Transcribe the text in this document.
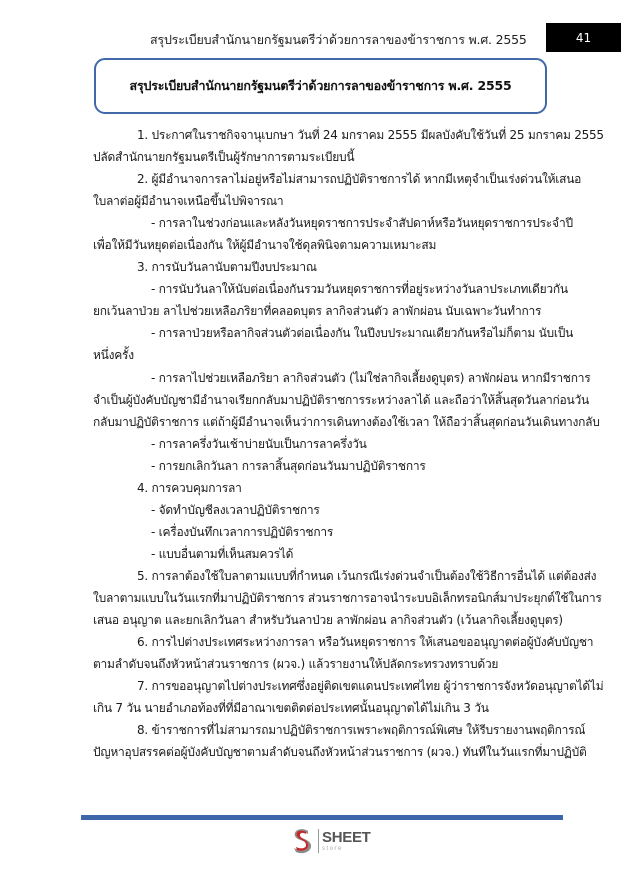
สรุประเบียบสำนักนายกรัฐมนตรีว่าด้วยการลาของข้าราชการ พ.ศ. 2555	41
สรุประเบียบสำนักนายกรัฐมนตรีว่าด้วยการลาของข้าราชการ พ.ศ. 2555
1. ประกาศในราชกิจจานุเบกษา วันที่ 24 มกราคม 2555 มีผลบังคับใช้วันที่ 25 มกราคม 2555
ปลัดสำนักนายกรัฐมนตรีเป็นผู้รักษาการตามระเบียบนี้
2. ผู้มีอำนาจการลาไม่อยู่หรือไม่สามารถปฏิบัติราชการได้ หากมีเหตุจำเป็นเร่งด่วนให้เสนอ
ใบลาต่อผู้มีอำนาจเหนือขึ้นไปพิจารณา
- การลาในช่วงก่อนและหลังวันหยุดราชการประจำสัปดาห์หรือวันหยุดราชการประจำปี
เพื่อให้มีวันหยุดต่อเนื่องกัน ให้ผู้มีอำนาจใช้ดุลพินิจตามความเหมาะสม
3. การนับวันลานับตามปีงบประมาณ
- การนับวันลาให้นับต่อเนื่องกันรวมวันหยุดราชการที่อยู่ระหว่างวันลาประเภทเดียวกัน
ยกเว้นลาป่วย ลาไปช่วยเหลือภริยาที่คลอดบุตร ลากิจส่วนตัว ลาพักผ่อน นับเฉพาะวันทำการ
- การลาป่วยหรือลากิจส่วนตัวต่อเนื่องกัน ในปีงบประมาณเดียวกันหรือไม่ก็ตาม นับเป็น
หนึ่งครั้ง
- การลาไปช่วยเหลือภริยา ลากิจส่วนตัว (ไม่ใช่ลากิจเลี้ยงดูบุตร) ลาพักผ่อน หากมีราชการ
จำเป็นผู้บังคับบัญชามีอำนาจเรียกกลับมาปฏิบัติราชการระหว่างลาได้ และถือว่าให้สิ้นสุดวันลาก่อนวัน
กลับมาปฏิบัติราชการ แต่ถ้าผู้มีอำนาจเห็นว่าการเดินทางต้องใช้เวลา ให้ถือว่าสิ้นสุดก่อนวันเดินทางกลับ
- การลาครึ่งวันเช้าบ่ายนับเป็นการลาครึ่งวัน
- การยกเลิกวันลา การลาสิ้นสุดก่อนวันมาปฏิบัติราชการ
4. การควบคุมการลา
- จัดทำบัญชีลงเวลาปฏิบัติราชการ
- เครื่องบันทึกเวลาการปฏิบัติราชการ
- แบบอื่นตามที่เห็นสมควรได้
5. การลาต้องใช้ใบลาตามแบบที่กำหนด เว้นกรณีเร่งด่วนจำเป็นต้องใช้วิธีการอื่นได้ แต่ต้องส่ง
ใบลาตามแบบในวันแรกที่มาปฏิบัติราชการ ส่วนราชการอาจนำระบบอิเล็กทรอนิกส์มาประยุกต์ใช้ในการ
เสนอ อนุญาต และยกเลิกวันลา สำหรับวันลาป่วย ลาพักผ่อน ลากิจส่วนตัว (เว้นลากิจเลี้ยงดูบุตร)
6. การไปต่างประเทศระหว่างการลา หรือวันหยุดราชการ ให้เสนอขออนุญาตต่อผู้บังคับบัญชา
ตามลำดับจนถึงหัวหน้าส่วนราชการ (ผวจ.) แล้วรายงานให้ปลัดกระทรวงทราบด้วย
7. การขออนุญาตไปต่างประเทศซึ่งอยู่ติดเขตแดนประเทศไทย ผู้ว่าราชการจังหวัดอนุญาตได้ไม่
เกิน 7 วัน นายอำเภอท้องที่ที่มีอาณาเขตติดต่อประเทศนั้นอนุญาตได้ไม่เกิน 3 วัน
8. ข้าราชการที่ไม่สามารถมาปฏิบัติราชการเพราะพฤติการณ์พิเศษ ให้รีบรายงานพฤติการณ์
ปัญหาอุปสรรคต่อผู้บังคับบัญชาตามลำดับจนถึงหัวหน้าส่วนราชการ (ผวจ.) ทันทีในวันแรกที่มาปฏิบัติ
SHEET
store
